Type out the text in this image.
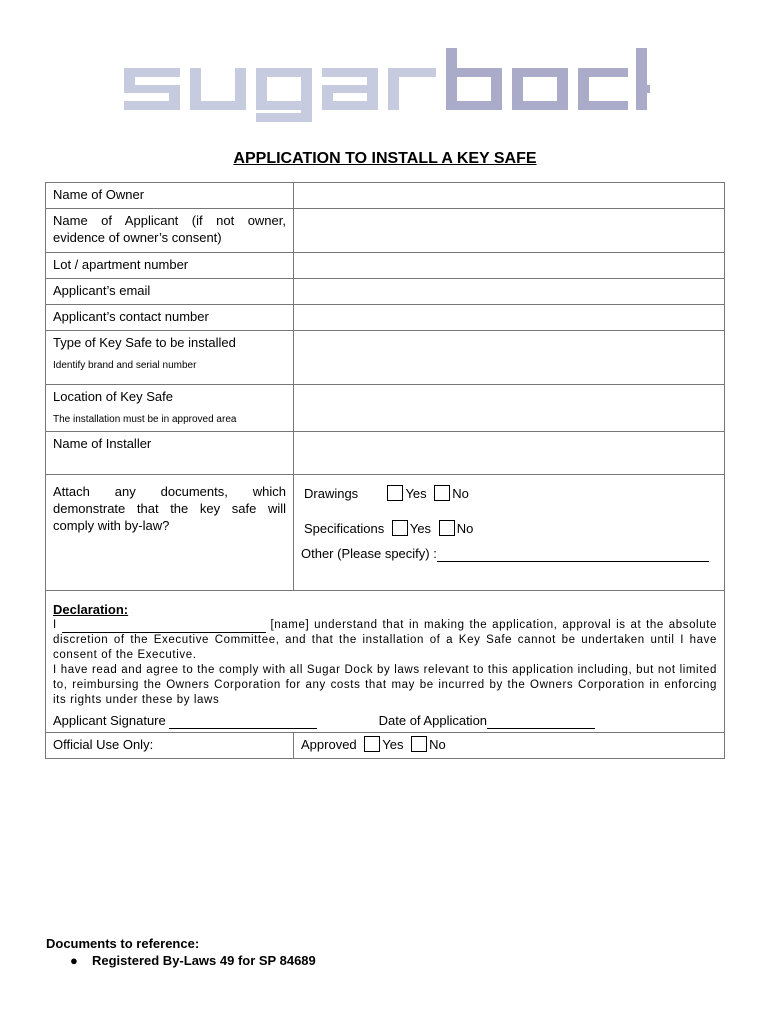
APPLICATION TO INSTALL A KEY SAFE
Name of Owner	
Name of Applicant (if not owner, evidence of owner’s consent)	
Lot / apartment number	
Applicant’s email	
Applicant’s contact number	
Type of Key Safe to be installed
Identify brand and serial number	

Location of Key Safe
The installation must be in approved area	

Name of Installer	
Attach any documents, which demonstrate that the key safe will comply with by-law?	Drawings Yes No
Specifications Yes No
Other (Please specify) :

Declaration:
I [name] understand that in making the application, approval is at the absolute discretion of the Executive Committee, and that the installation of a Key Safe cannot be undertaken until I have consent of the Executive.
I have read and agree to the comply with all Sugar Dock by laws relevant to this application including, but not limited to, reimbursing the Owners Corporation for any costs that may be incurred by the Owners Corporation in enforcing its rights under these by laws
Applicant Signature Date of Application	

Official Use Only:	Approved Yes No
Documents to reference:
● Registered By-Laws 49 for SP 84689
